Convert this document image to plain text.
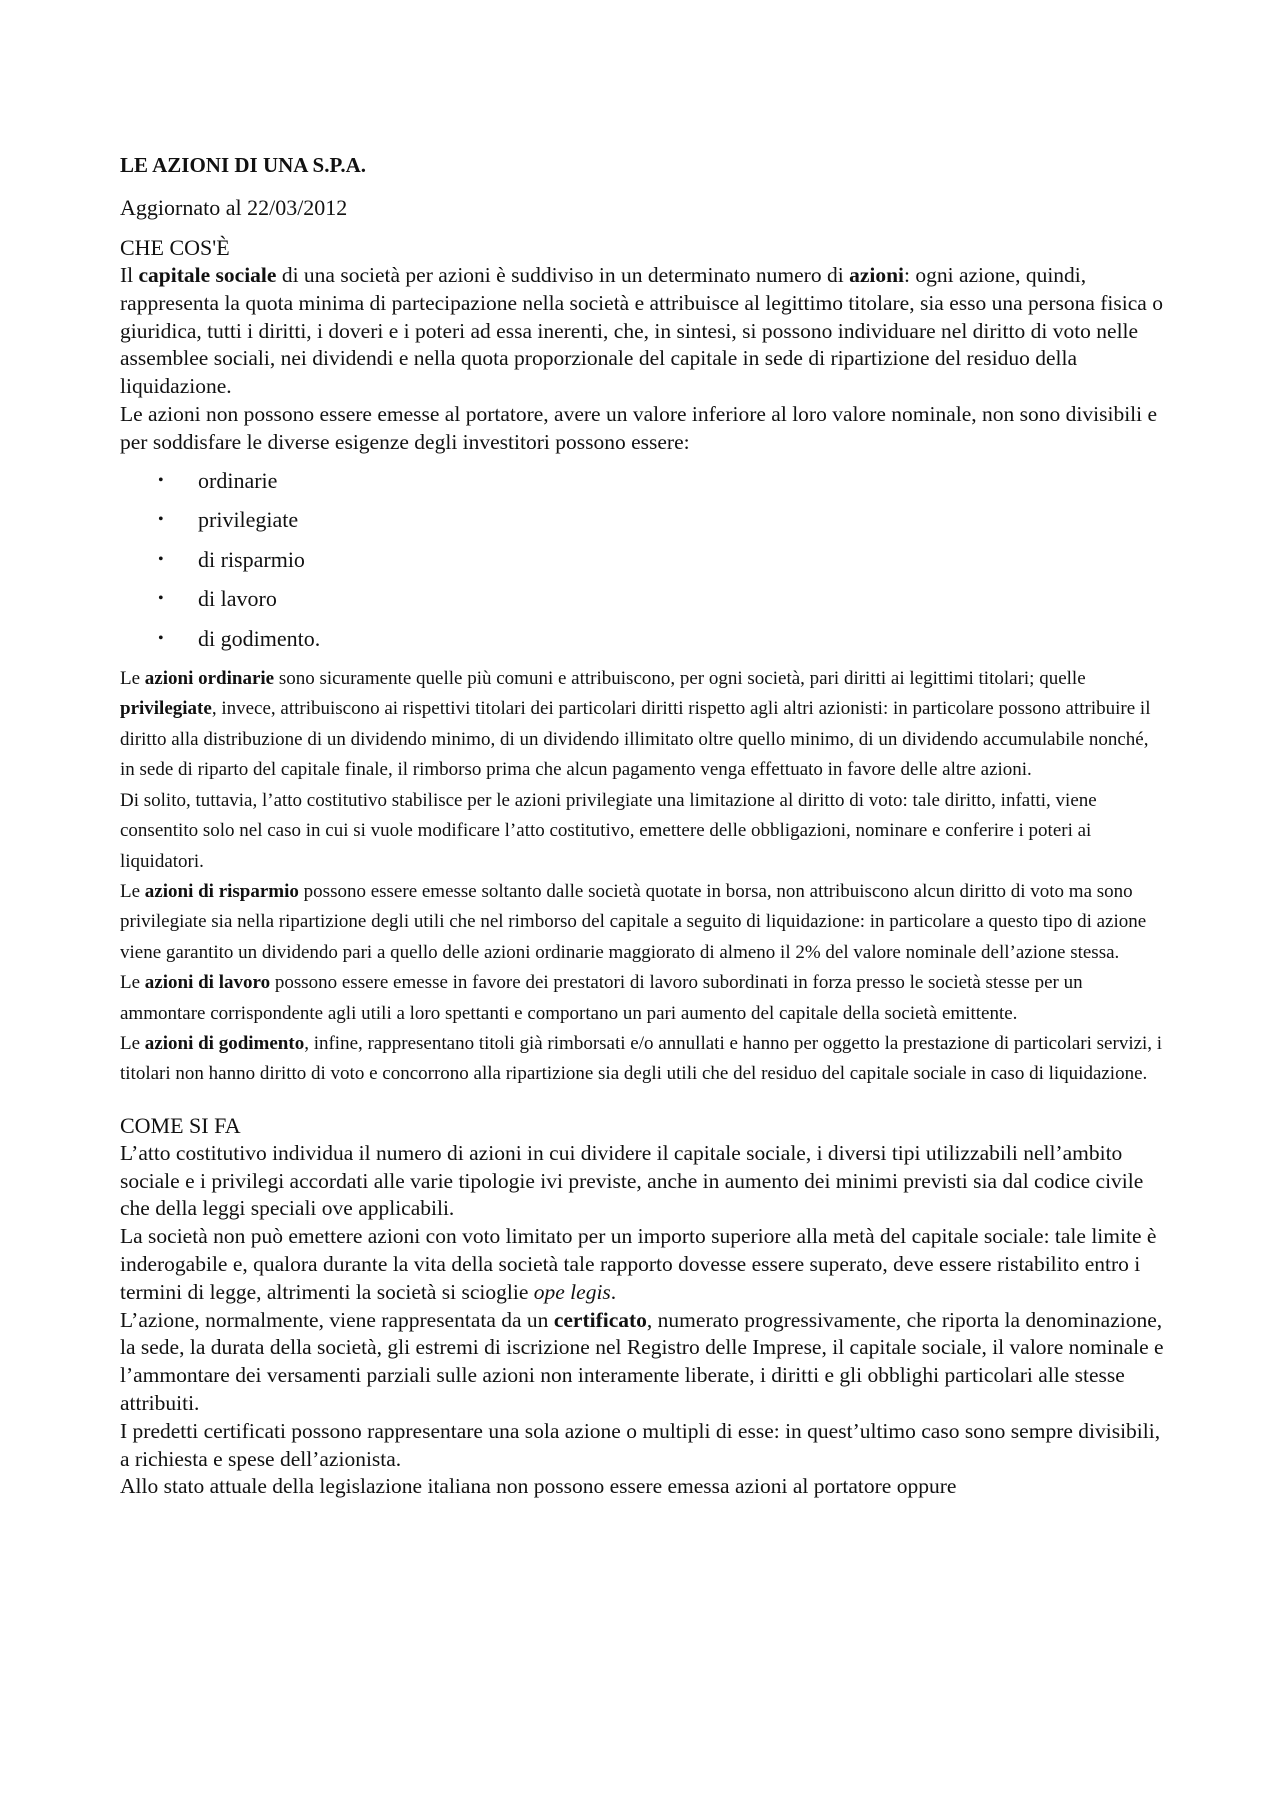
LE AZIONI DI UNA S.P.A.

Aggiornato al 22/03/2012

CHE COS'È

Il capitale sociale di una società per azioni è suddiviso in un determinato numero di azioni: ogni azione, quindi, rappresenta la quota minima di partecipazione nella società e attribuisce al legittimo titolare, sia esso una persona fisica o giuridica, tutti i diritti, i doveri e i poteri ad essa inerenti, che, in sintesi, si possono individuare nel diritto di voto nelle assemblee sociali, nei dividendi e nella quota proporzionale del capitale in sede di ripartizione del residuo della liquidazione.

Le azioni non possono essere emesse al portatore, avere un valore inferiore al loro valore nominale, non sono divisibili e per soddisfare le diverse esigenze degli investitori possono essere:

• ordinarie
• privilegiate
• di risparmio
• di lavoro
• di godimento.

Le azioni ordinarie sono sicuramente quelle più comuni e attribuiscono, per ogni società, pari diritti ai legittimi titolari; quelle privilegiate, invece, attribuiscono ai rispettivi titolari dei particolari diritti rispetto agli altri azionisti: in particolare possono attribuire il diritto alla distribuzione di un dividendo minimo, di un dividendo illimitato oltre quello minimo, di un dividendo accumulabile nonché, in sede di riparto del capitale finale, il rimborso prima che alcun pagamento venga effettuato in favore delle altre azioni.

Di solito, tuttavia, l’atto costitutivo stabilisce per le azioni privilegiate una limitazione al diritto di voto: tale diritto, infatti, viene consentito solo nel caso in cui si vuole modificare l’atto costitutivo, emettere delle obbligazioni, nominare e conferire i poteri ai liquidatori.

Le azioni di risparmio possono essere emesse soltanto dalle società quotate in borsa, non attribuiscono alcun diritto di voto ma sono privilegiate sia nella ripartizione degli utili che nel rimborso del capitale a seguito di liquidazione: in particolare a questo tipo di azione viene garantito un dividendo pari a quello delle azioni ordinarie maggiorato di almeno il 2% del valore nominale dell’azione stessa.

Le azioni di lavoro possono essere emesse in favore dei prestatori di lavoro subordinati in forza presso le società stesse per un ammontare corrispondente agli utili a loro spettanti e comportano un pari aumento del capitale della società emittente.

Le azioni di godimento, infine, rappresentano titoli già rimborsati e/o annullati e hanno per oggetto la prestazione di particolari servizi, i titolari non hanno diritto di voto e concorrono alla ripartizione sia degli utili che del residuo del capitale sociale in caso di liquidazione.

COME SI FA

L’atto costitutivo individua il numero di azioni in cui dividere il capitale sociale, i diversi tipi utilizzabili nell’ambito sociale e i privilegi accordati alle varie tipologie ivi previste, anche in aumento dei minimi previsti sia dal codice civile che della leggi speciali ove applicabili.

La società non può emettere azioni con voto limitato per un importo superiore alla metà del capitale sociale: tale limite è inderogabile e, qualora durante la vita della società tale rapporto dovesse essere superato, deve essere ristabilito entro i termini di legge, altrimenti la società si scioglie ope legis.

L’azione, normalmente, viene rappresentata da un certificato, numerato progressivamente, che riporta la denominazione, la sede, la durata della società, gli estremi di iscrizione nel Registro delle Imprese, il capitale sociale, il valore nominale e l’ammontare dei versamenti parziali sulle azioni non interamente liberate, i diritti e gli obblighi particolari alle stesse attribuiti.

I predetti certificati possono rappresentare una sola azione o multipli di esse: in quest’ultimo caso sono sempre divisibili, a richiesta e spese dell’azionista.

Allo stato attuale della legislazione italiana non possono essere emessa azioni al portatore oppure
